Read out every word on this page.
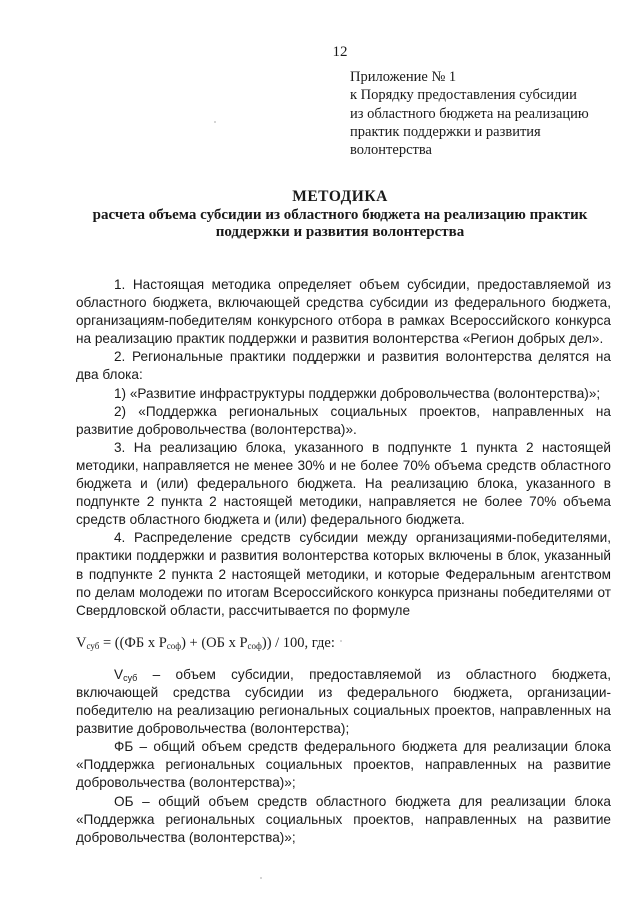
12
Приложение № 1
к Порядку предоставления субсидии
из областного бюджета на реализацию
практик поддержки и развития
волонтерства
МЕТОДИКА
расчета объема субсидии из областного бюджета на реализацию практик
поддержки и развития волонтерства

1. Настоящая методика определяет объем субсидии, предоставляемой из областного бюджета, включающей средства субсидии из федерального бюджета, организациям-победителям конкурсного отбора в рамках Всероссийского конкурса на реализацию практик поддержки и развития волонтерства «Регион добрых дел».

2. Региональные практики поддержки и развития волонтерства делятся на два блока:

1) «Развитие инфраструктуры поддержки добровольчества (волонтерства)»;

2) «Поддержка региональных социальных проектов, направленных на развитие добровольчества (волонтерства)».

3. На реализацию блока, указанного в подпункте 1 пункта 2 настоящей методики, направляется не менее 30% и не более 70% объема средств областного бюджета и (или) федерального бюджета. На реализацию блока, указанного в подпункте 2 пункта 2 настоящей методики, направляется не более 70% объема средств областного бюджета и (или) федерального бюджета.

4. Распределение средств субсидии между организациями-победителями, практики поддержки и развития волонтерства которых включены в блок, указанный в подпункте 2 пункта 2 настоящей методики, и которые Федеральным агентством по делам молодежи по итогам Всероссийского конкурса признаны победителями от Свердловской области, рассчитывается по формуле

$V_{суб} = ((ФБ$ x $P_{соф}) + (ОБ$ x $P_{соф})) / 100$, где:

$V_{суб}$ – объем субсидии, предоставляемой из областного бюджета, включающей средства субсидии из федерального бюджета, организации-победителю на реализацию региональных социальных проектов, направленных на развитие добровольчества (волонтерства);

ФБ – общий объем средств федерального бюджета для реализации блока «Поддержка региональных социальных проектов, направленных на развитие добровольчества (волонтерства)»;

ОБ – общий объем средств областного бюджета для реализации блока «Поддержка региональных социальных проектов, направленных на развитие добровольчества (волонтерства)»;
